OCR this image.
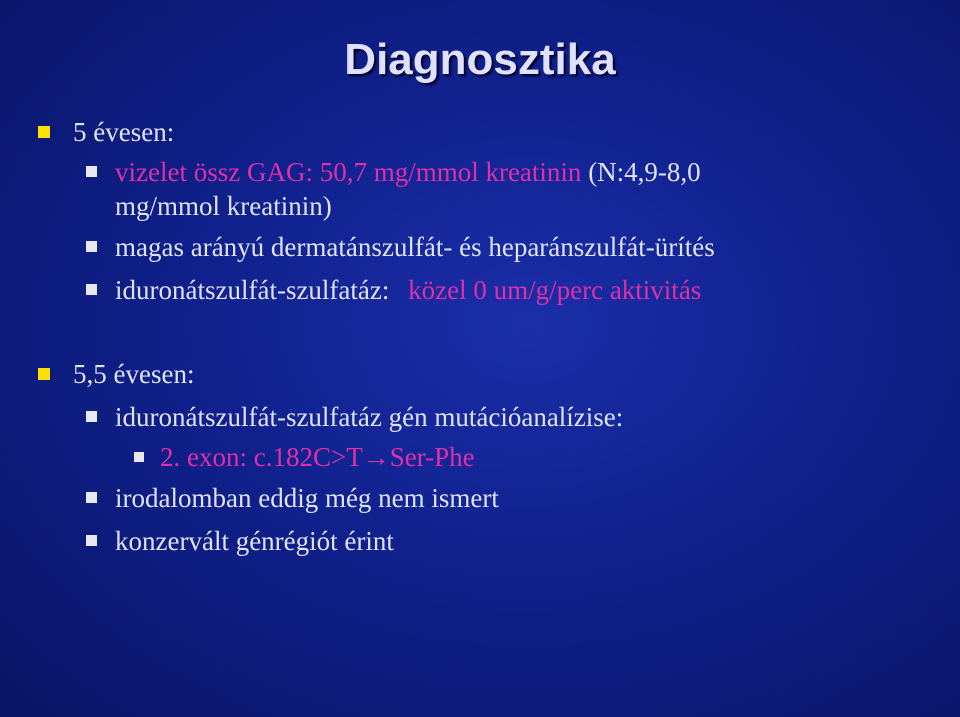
Diagnosztika
5 évesen:
vizelet össz GAG: 50,7 mg/mmol kreatinin (N:4,9-8,0
mg/mmol kreatinin)
magas arányú dermatánszulfát- és heparánszulfát-ürítés
iduronátszulfát-szulfatáz: közel 0 um/g/perc aktivitás
5,5 évesen:
iduronátszulfát-szulfatáz gén mutációanalízise:
2. exon: c.182C>T→Ser-Phe
irodalomban eddig még nem ismert
konzervált génrégiót érint
